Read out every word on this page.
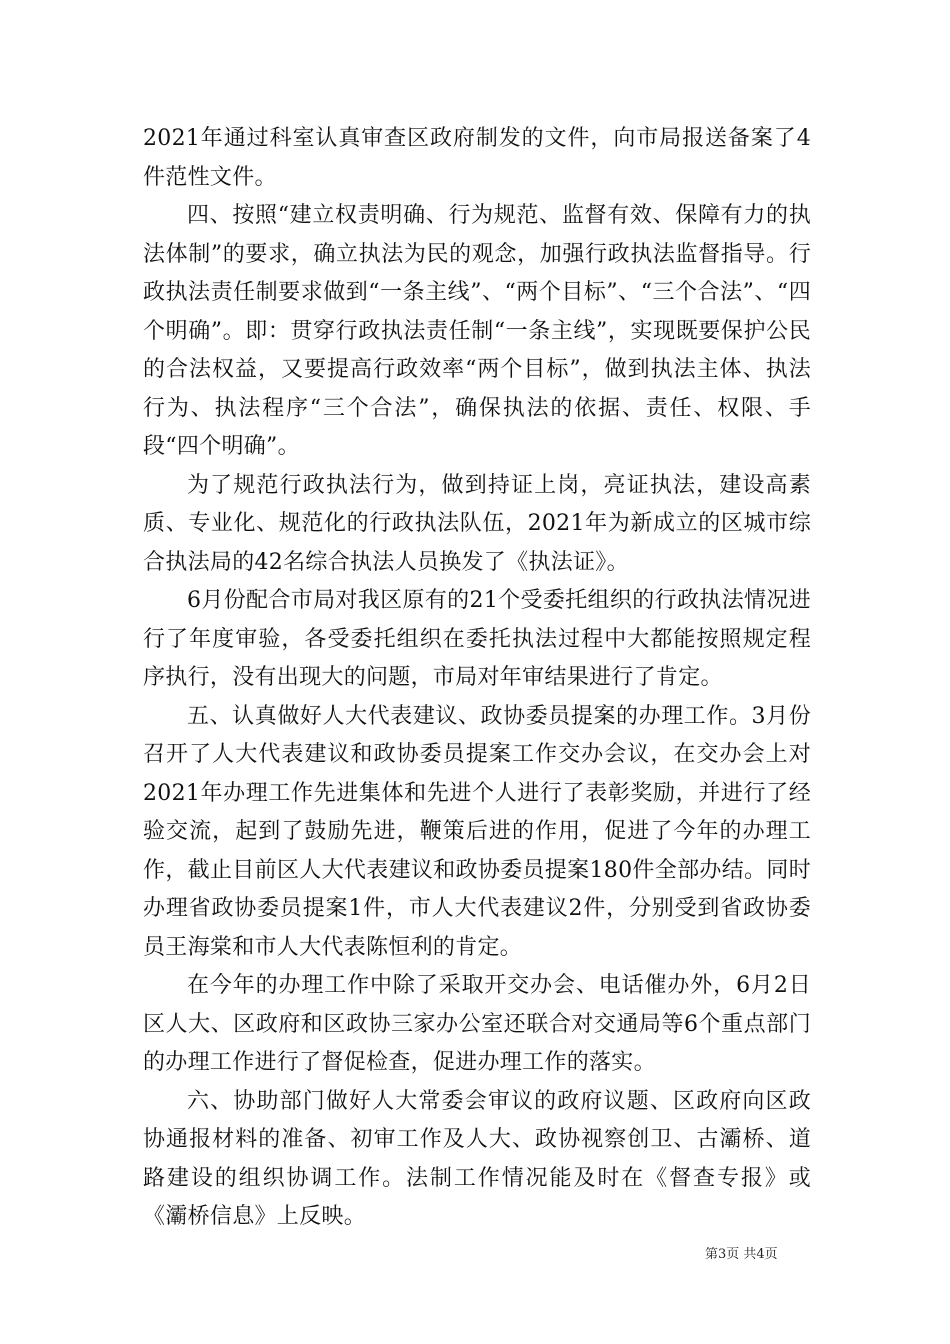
2021年通过科室认真审查区政府制发的文件，向市局报送备案了4件范性文件。

四、按照“建立权责明确、行为规范、监督有效、保障有力的执法体制”的要求，确立执法为民的观念，加强行政执法监督指导。行政执法责任制要求做到“一条主线”、“两个目标”、“三个合法”、“四个明确”。即：贯穿行政执法责任制“一条主线”，实现既要保护公民的合法权益，又要提高行政效率“两个目标”，做到执法主体、执法行为、执法程序“三个合法”，确保执法的依据、责任、权限、手段“四个明确”。

为了规范行政执法行为，做到持证上岗，亮证执法，建设高素质、专业化、规范化的行政执法队伍，2021年为新成立的区城市综合执法局的42名综合执法人员换发了《执法证》。

6月份配合市局对我区原有的21个受委托组织的行政执法情况进行了年度审验，各受委托组织在委托执法过程中大都能按照规定程序执行，没有出现大的问题，市局对年审结果进行了肯定。

五、认真做好人大代表建议、政协委员提案的办理工作。3月份召开了人大代表建议和政协委员提案工作交办会议，在交办会上对2021年办理工作先进集体和先进个人进行了表彰奖励，并进行了经验交流，起到了鼓励先进，鞭策后进的作用，促进了今年的办理工作，截止目前区人大代表建议和政协委员提案180件全部办结。同时办理省政协委员提案1件，市人大代表建议2件，分别受到省政协委员王海棠和市人大代表陈恒利的肯定。

在今年的办理工作中除了采取开交办会、电话催办外，6月2日区人大、区政府和区政协三家办公室还联合对交通局等6个重点部门的办理工作进行了督促检查，促进办理工作的落实。

六、协助部门做好人大常委会审议的政府议题、区政府向区政协通报材料的准备、初审工作及人大、政协视察创卫、古灞桥、道路建设的组织协调工作。法制工作情况能及时在《督查专报》或《灞桥信息》上反映。

第3页 共4页
